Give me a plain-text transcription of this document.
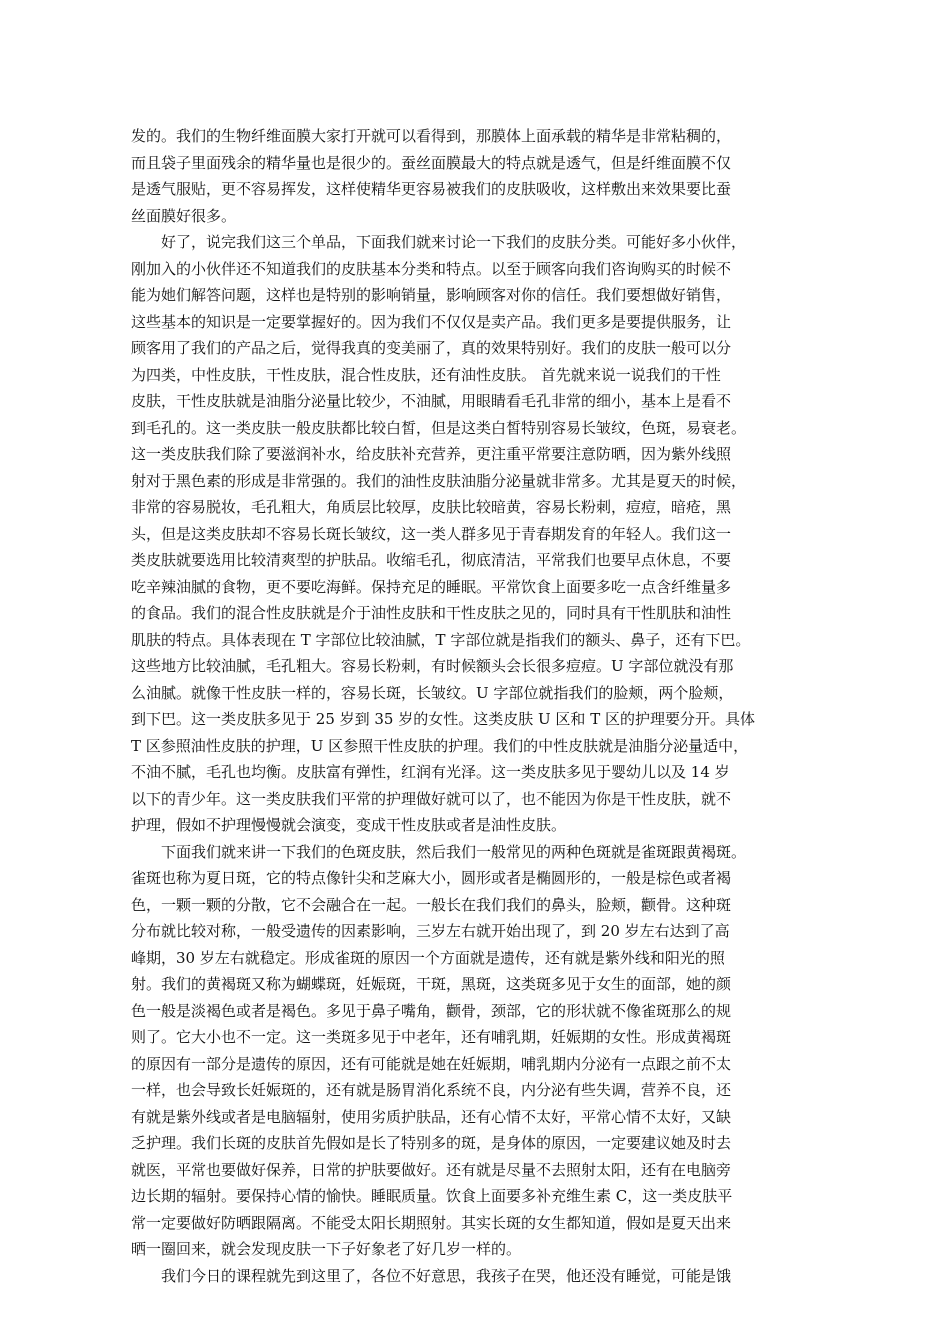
发的。我们的生物纤维面膜大家打开就可以看得到，那膜体上面承载的精华是非常粘稠的，
而且袋子里面残余的精华量也是很少的。蚕丝面膜最大的特点就是透气，但是纤维面膜不仅
是透气服贴，更不容易挥发，这样使精华更容易被我们的皮肤吸收，这样敷出来效果要比蚕
丝面膜好很多。
好了，说完我们这三个单品，下面我们就来讨论一下我们的皮肤分类。可能好多小伙伴，
刚加入的小伙伴还不知道我们的皮肤基本分类和特点。以至于顾客向我们咨询购买的时候不
能为她们解答问题，这样也是特别的影响销量，影响顾客对你的信任。我们要想做好销售，
这些基本的知识是一定要掌握好的。因为我们不仅仅是卖产品。我们更多是要提供服务，让
顾客用了我们的产品之后，觉得我真的变美丽了，真的效果特别好。我们的皮肤一般可以分
为四类，中性皮肤，干性皮肤，混合性皮肤，还有油性皮肤。 首先就来说一说我们的干性
皮肤，干性皮肤就是油脂分泌量比较少，不油腻，用眼睛看毛孔非常的细小，基本上是看不
到毛孔的。这一类皮肤一般皮肤都比较白皙，但是这类白皙特别容易长皱纹，色斑，易衰老。
这一类皮肤我们除了要滋润补水，给皮肤补充营养，更注重平常要注意防晒，因为紫外线照
射对于黑色素的形成是非常强的。我们的油性皮肤油脂分泌量就非常多。尤其是夏天的时候，
非常的容易脱妆，毛孔粗大，角质层比较厚，皮肤比较暗黄，容易长粉刺，痘痘，暗疮，黑
头，但是这类皮肤却不容易长斑长皱纹，这一类人群多见于青春期发育的年轻人。我们这一
类皮肤就要选用比较清爽型的护肤品。收缩毛孔，彻底清洁，平常我们也要早点休息，不要
吃辛辣油腻的食物，更不要吃海鲜。保持充足的睡眠。平常饮食上面要多吃一点含纤维量多
的食品。我们的混合性皮肤就是介于油性皮肤和干性皮肤之见的，同时具有干性肌肤和油性
肌肤的特点。具体表现在 T 字部位比较油腻，T 字部位就是指我们的额头、鼻子，还有下巴。
这些地方比较油腻，毛孔粗大。容易长粉刺，有时候额头会长很多痘痘。U 字部位就没有那
么油腻。就像干性皮肤一样的，容易长斑，长皱纹。U 字部位就指我们的脸颊，两个脸颊，
到下巴。这一类皮肤多见于 25 岁到 35 岁的女性。这类皮肤 U 区和 T 区的护理要分开。具体
T 区参照油性皮肤的护理，U 区参照干性皮肤的护理。我们的中性皮肤就是油脂分泌量适中，
不油不腻，毛孔也均衡。皮肤富有弹性，红润有光泽。这一类皮肤多见于婴幼儿以及 14 岁
以下的青少年。这一类皮肤我们平常的护理做好就可以了，也不能因为你是干性皮肤，就不
护理，假如不护理慢慢就会演变，变成干性皮肤或者是油性皮肤。
下面我们就来讲一下我们的色斑皮肤，然后我们一般常见的两种色斑就是雀斑跟黄褐斑。
雀斑也称为夏日斑，它的特点像针尖和芝麻大小，圆形或者是椭圆形的，一般是棕色或者褐
色，一颗一颗的分散，它不会融合在一起。一般长在我们我们的鼻头，脸颊，颧骨。这种斑
分布就比较对称，一般受遗传的因素影响，三岁左右就开始出现了，到 20 岁左右达到了高
峰期，30 岁左右就稳定。形成雀斑的原因一个方面就是遗传，还有就是紫外线和阳光的照
射。我们的黄褐斑又称为蝴蝶斑，妊娠斑，干斑，黑斑，这类斑多见于女生的面部，她的颜
色一般是淡褐色或者是褐色。多见于鼻子嘴角，颧骨，颈部，它的形状就不像雀斑那么的规
则了。它大小也不一定。这一类斑多见于中老年，还有哺乳期，妊娠期的女性。形成黄褐斑
的原因有一部分是遗传的原因，还有可能就是她在妊娠期，哺乳期内分泌有一点跟之前不太
一样，也会导致长妊娠斑的，还有就是肠胃消化系统不良，内分泌有些失调，营养不良，还
有就是紫外线或者是电脑辐射，使用劣质护肤品，还有心情不太好，平常心情不太好，又缺
乏护理。我们长斑的皮肤首先假如是长了特别多的斑，是身体的原因，一定要建议她及时去
就医，平常也要做好保养，日常的护肤要做好。还有就是尽量不去照射太阳，还有在电脑旁
边长期的辐射。要保持心情的愉快。睡眠质量。饮食上面要多补充维生素 C，这一类皮肤平
常一定要做好防晒跟隔离。不能受太阳长期照射。其实长斑的女生都知道，假如是夏天出来
晒一圈回来，就会发现皮肤一下子好象老了好几岁一样的。
我们今日的课程就先到这里了，各位不好意思，我孩子在哭，他还没有睡觉，可能是饿
